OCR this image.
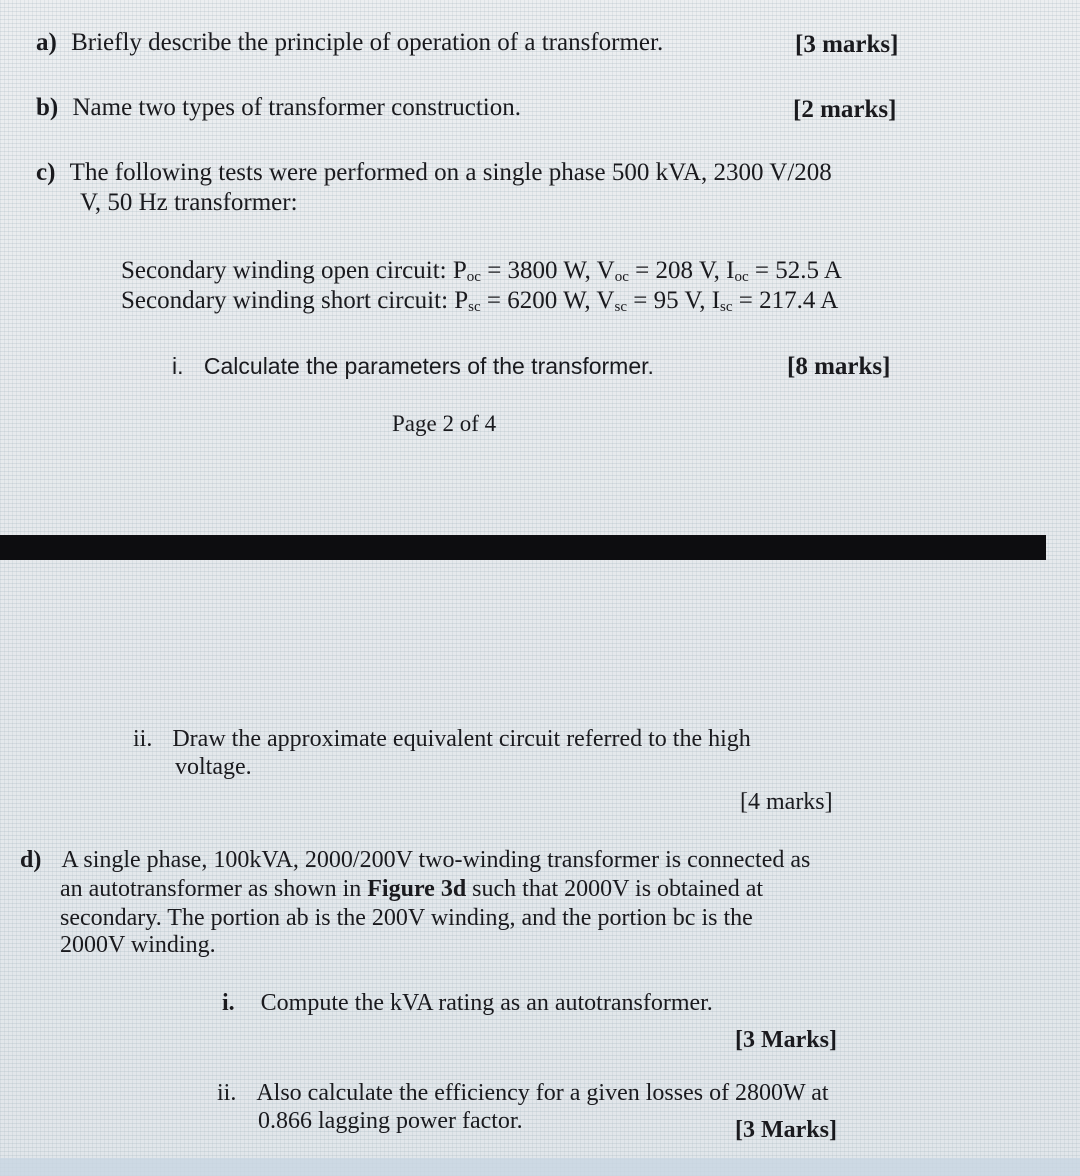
a) Briefly describe the principle of operation of a transformer.	[3 marks]
b) Name two types of transformer construction.	[2 marks]
c) The following tests were performed on a single phase 500 kVA, 2300 V/208
V, 50 Hz transformer:
Secondary winding open circuit: $P_{oc} = 3800$ W, $V_{oc} = 208$ V, $I_{oc} = 52.5$ A
Secondary winding short circuit: $P_{sc} = 6200$ W, $V_{sc} = 95$ V, $I_{sc} = 217.4$ A
i. Calculate the parameters of the transformer.	[8 marks]
Page 2 of 4
ii. Draw the approximate equivalent circuit referred to the high
voltage.
[4 marks]
d) A single phase, 100kVA, 2000/200V two-winding transformer is connected as
an autotransformer as shown in Figure 3d such that 2000V is obtained at
secondary. The portion ab is the 200V winding, and the portion bc is the
2000V winding.
i. Compute the kVA rating as an autotransformer.
[3 Marks]
ii. Also calculate the efficiency for a given losses of 2800W at
0.866 lagging power factor.	[3 Marks]
